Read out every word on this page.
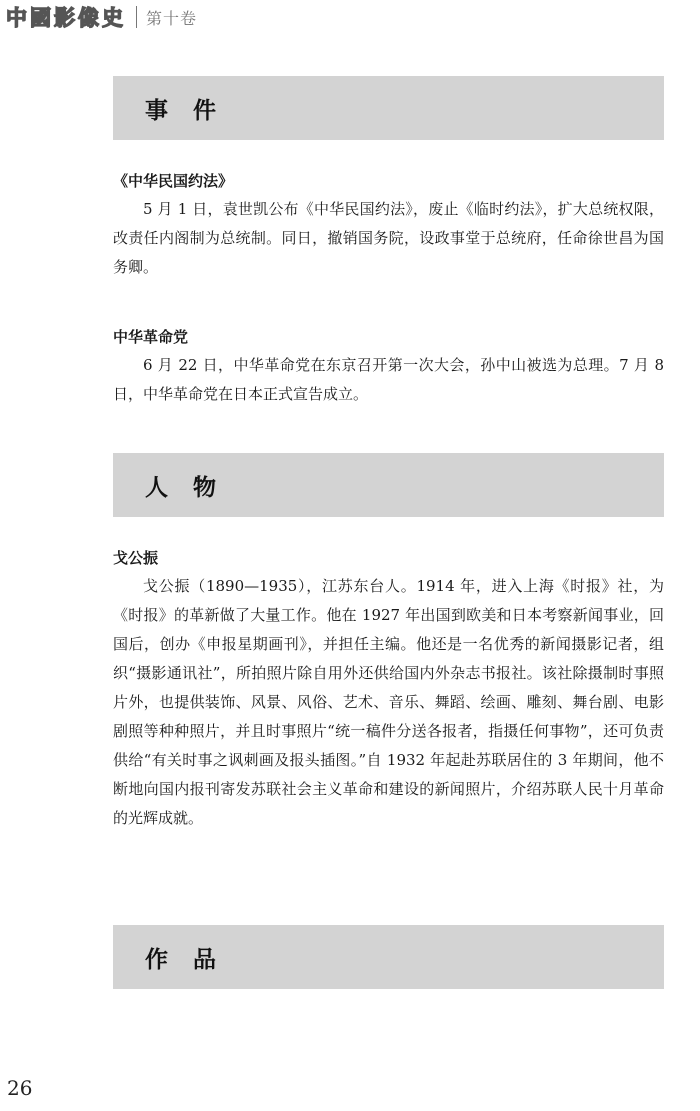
中國影像史 第十卷
事　件

《中华民国约法》

5 月 1 日，袁世凯公布《中华民国约法》，废止《临时约法》，扩大总统权限，改责任内阁制为总统制。同日，撤销国务院，设政事堂于总统府，任命徐世昌为国务卿。

中华革命党

6 月 22 日，中华革命党在东京召开第一次大会，孙中山被选为总理。7 月 8 日，中华革命党在日本正式宣告成立。

人　物

戈公振

戈公振（1890—1935），江苏东台人。1914 年，进入上海《时报》社，为《时报》的革新做了大量工作。他在 1927 年出国到欧美和日本考察新闻事业，回国后，创办《申报星期画刊》，并担任主编。他还是一名优秀的新闻摄影记者，组织“摄影通讯社”，所拍照片除自用外还供给国内外杂志书报社。该社除摄制时事照片外，也提供装饰、风景、风俗、艺术、音乐、舞蹈、绘画、雕刻、舞台剧、电影剧照等种种照片，并且时事照片“统一稿件分送各报者，指摄任何事物”，还可负责供给“有关时事之讽刺画及报头插图。”自 1932 年起赴苏联居住的 3 年期间，他不断地向国内报刊寄发苏联社会主义革命和建设的新闻照片，介绍苏联人民十月革命的光辉成就。

作　品
26
